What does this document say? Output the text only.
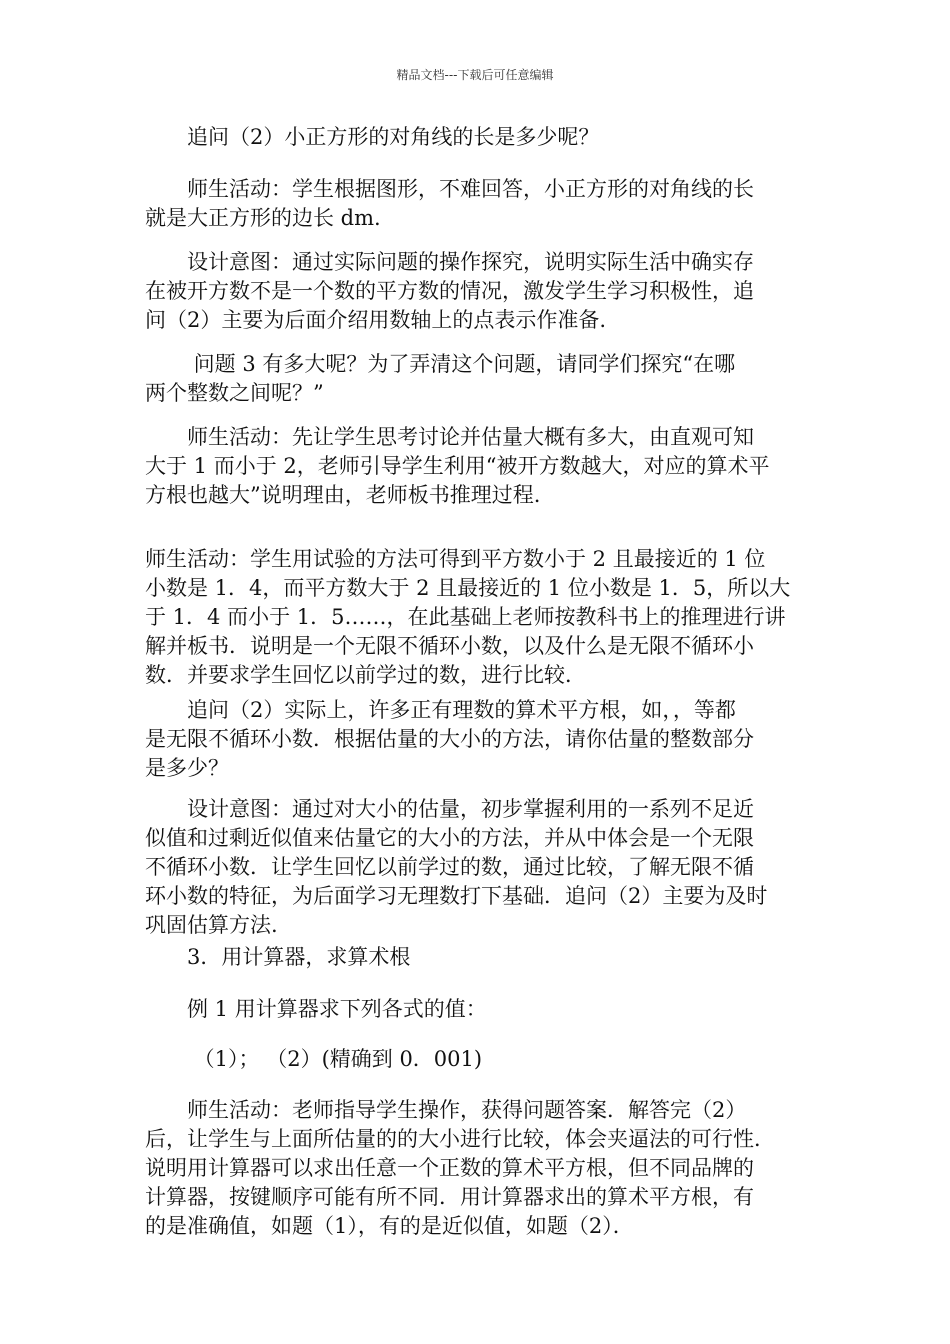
精品文档---下载后可任意编辑
　　追问（2）小正方形的对角线的长是多少呢？
　　师生活动：学生根据图形，不难回答，小正方形的对角线的长
就是大正方形的边长 dm.
　　设计意图：通过实际问题的操作探究，说明实际生活中确实存
在被开方数不是一个数的平方数的情况，激发学生学习积极性，追
问（2）主要为后面介绍用数轴上的点表示作准备.
　　 问题 3 有多大呢？为了弄清这个问题，请同学们探究“在哪
两个整数之间呢？”
　　师生活动：先让学生思考讨论并估量大概有多大，由直观可知
大于 1 而小于 2，老师引导学生利用“被开方数越大，对应的算术平
方根也越大”说明理由，老师板书推理过程.
师生活动：学生用试验的方法可得到平方数小于 2 且最接近的 1 位
小数是 1．4，而平方数大于 2 且最接近的 1 位小数是 1．5，所以大
于 1．4 而小于 1．5……，在此基础上老师按教科书上的推理进行讲
解并板书．说明是一个无限不循环小数，以及什么是无限不循环小
数．并要求学生回忆以前学过的数，进行比较．
　　追问（2）实际上，许多正有理数的算术平方根，如，，等都
是无限不循环小数．根据估量的大小的方法，请你估量的整数部分
是多少？
　　设计意图：通过对大小的估量，初步掌握利用的一系列不足近
似值和过剩近似值来估量它的大小的方法，并从中体会是一个无限
不循环小数．让学生回忆以前学过的数，通过比较，了解无限不循
环小数的特征，为后面学习无理数打下基础．追问（2）主要为及时
巩固估算方法.
　　3．用计算器，求算术根
　　例 1 用计算器求下列各式的值：
　　 （1）； （2）(精确到 0．001)
　　师生活动：老师指导学生操作，获得问题答案．解答完（2）
后，让学生与上面所估量的的大小进行比较，体会夹逼法的可行性．
说明用计算器可以求出任意一个正数的算术平方根，但不同品牌的
计算器，按键顺序可能有所不同．用计算器求出的算术平方根，有
的是准确值，如题（1），有的是近似值，如题（2）．
